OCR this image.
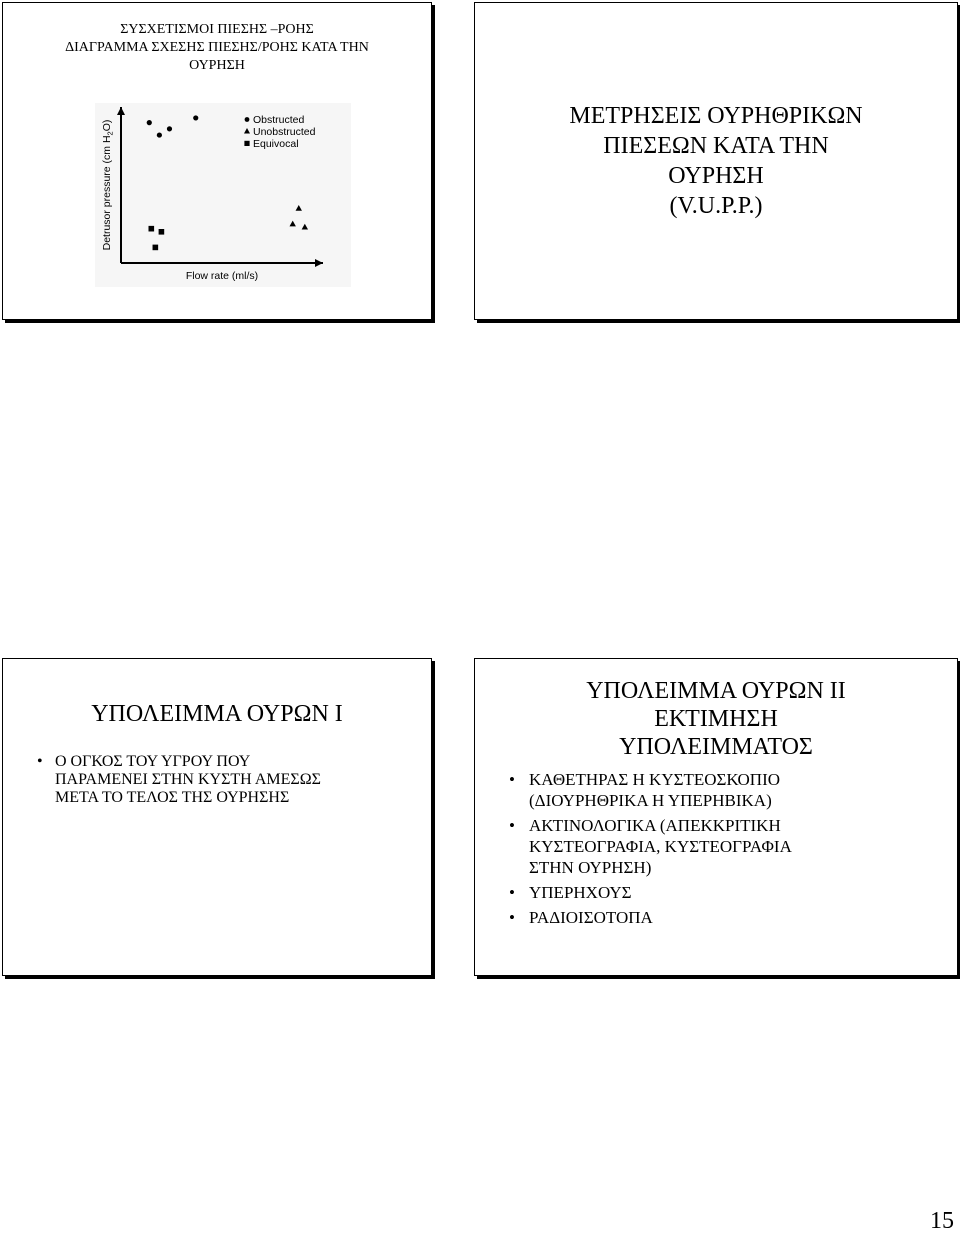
ΣΥΣΧΕΤΙΣΜΟΙ ΠΙΕΣΗΣ –ΡΟΗΣ
ΔΙΑΓΡΑΜΜΑ ΣΧΕΣΗΣ ΠΙΕΣΗΣ/ΡΟΗΣ ΚΑΤΑ ΤΗΝ
ΟΥΡΗΣΗ
Obstructed
Unobstructed
Equivocal
Flow rate (ml/s)
Detrusor pressure (cm $H_2O$)	ΜΕΤΡΗΣΕΙΣ ΟΥΡΗΘΡΙΚΩΝ
ΠΙΕΣΕΩΝ ΚΑΤΑ ΤΗΝ
ΟΥΡΗΣΗ
(V.U.P.P.)
ΥΠΟΛΕΙΜΜΑ ΟΥΡΩΝ Ι
• Ο ΟΓΚΟΣ ΤΟΥ ΥΓΡΟΥ ΠΟΥ
ΠΑΡΑΜΕΝΕΙ ΣΤΗΝ ΚΥΣΤΗ ΑΜΕΣΩΣ
ΜΕΤΑ ΤΟ ΤΕΛΟΣ ΤΗΣ ΟΥΡΗΣΗΣ
ΥΠΟΛΕΙΜΜΑ ΟΥΡΩΝ ΙΙ
ΕΚΤΙΜΗΣΗ
ΥΠΟΛΕΙΜΜΑΤΟΣ
• ΚΑΘΕΤΗΡΑΣ Η ΚΥΣΤΕΟΣΚΟΠΙΟ
(ΔΙΟΥΡΗΘΡΙΚΑ Η ΥΠΕΡΗΒΙΚΑ)
• ΑΚΤΙΝΟΛΟΓΙΚΑ (ΑΠΕΚΚΡΙΤΙΚΗ
ΚΥΣΤΕΟΓΡΑΦΙΑ, ΚΥΣΤΕΟΓΡΑΦΙΑ
ΣΤΗΝ ΟΥΡΗΣΗ)
• ΥΠΕΡΗΧΟΥΣ
• ΡΑΔΙΟΙΣΟΤΟΠΑ
15
